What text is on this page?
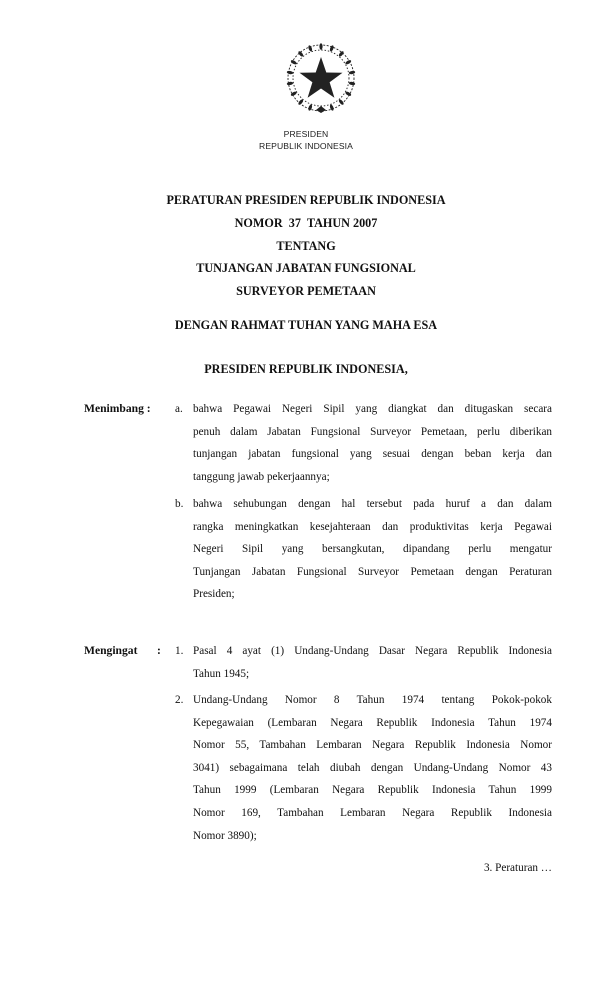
PRESIDEN
REPUBLIK INDONESIA
PERATURAN PRESIDEN REPUBLIK INDONESIA
NOMOR  37  TAHUN 2007
TENTANG
TUNJANGAN JABATAN FUNGSIONAL
SURVEYOR PEMETAAN
DENGAN RAHMAT TUHAN YANG MAHA ESA
PRESIDEN REPUBLIK INDONESIA,
Menimbang : a. bahwa Pegawai Negeri Sipil yang diangkat dan ditugaskan secara
penuh dalam Jabatan Fungsional Surveyor Pemetaan, perlu diberikan
tunjangan jabatan fungsional yang sesuai dengan beban kerja dan
tanggung jawab pekerjaannya;
b. bahwa sehubungan dengan hal tersebut pada huruf a dan dalam
rangka meningkatkan kesejahteraan dan produktivitas kerja Pegawai
Negeri Sipil yang bersangkutan, dipandang perlu mengatur
Tunjangan Jabatan Fungsional Surveyor Pemetaan dengan Peraturan
Presiden;
Mengingat : 1. Pasal 4 ayat (1) Undang-Undang Dasar Negara Republik Indonesia
Tahun 1945;
2. Undang-Undang Nomor 8 Tahun 1974 tentang Pokok-pokok
Kepegawaian (Lembaran Negara Republik Indonesia Tahun 1974
Nomor 55, Tambahan Lembaran Negara Republik Indonesia Nomor
3041) sebagaimana telah diubah dengan Undang-Undang Nomor 43
Tahun 1999 (Lembaran Negara Republik Indonesia Tahun 1999
Nomor 169, Tambahan Lembaran Negara Republik Indonesia
Nomor 3890);
3. Peraturan …
